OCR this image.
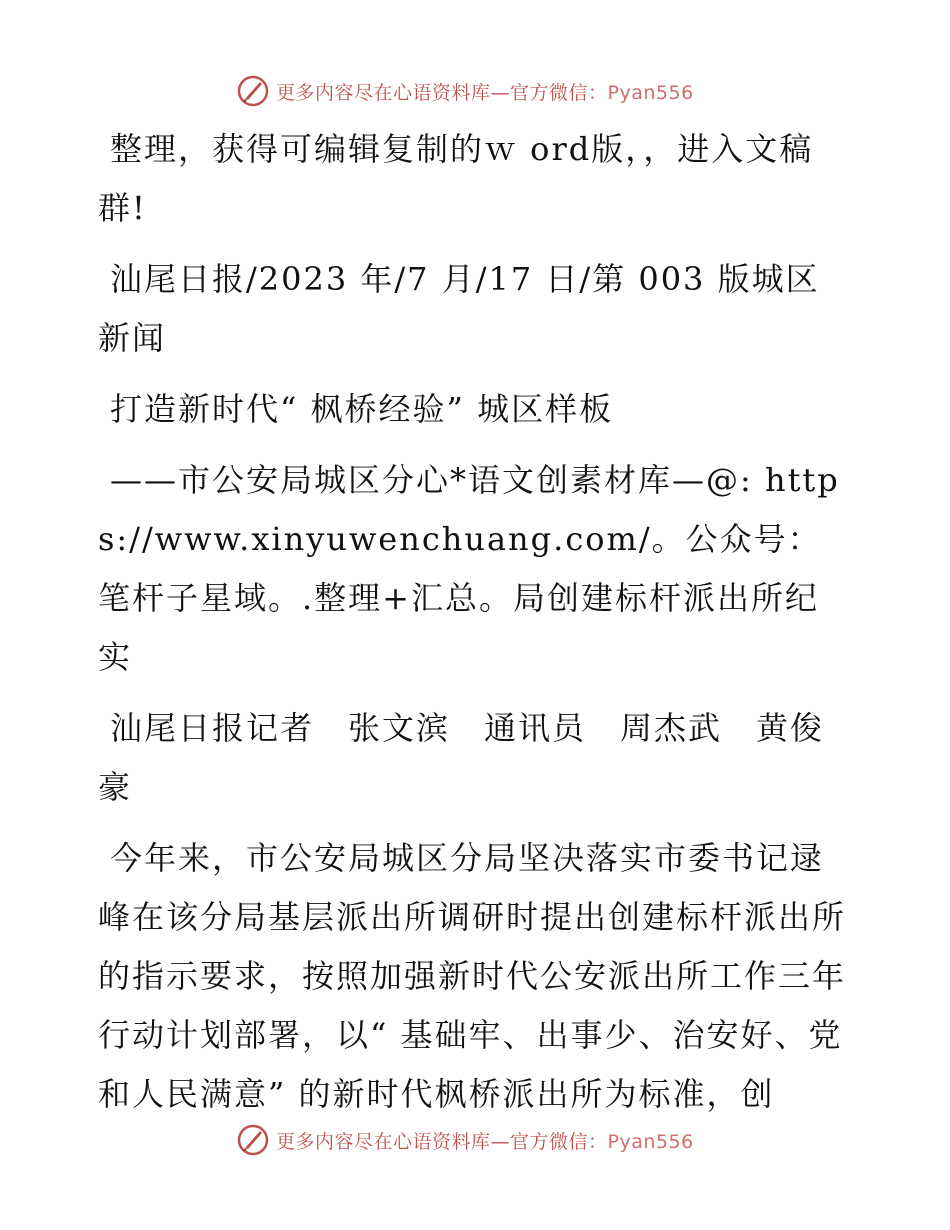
更多内容尽在心语资料库—官方微信：Pyan556

整理，获得可编辑复制的ｗ ord版，，进入文稿群!

汕尾日报/2023 年/7 月/17 日/第 003 版城区新闻

打造新时代“ 枫桥经验” 城区样板

——市公安局城区分心*语文创素材库—@: https://www.xinyuwenchuang.com/。公众号：笔杆子星域。.整理+汇总。局创建标杆派出所纪实

汕尾日报记者　张文滨　通讯员　周杰武　黄俊豪

今年来，市公安局城区分局坚决落实市委书记逯峰在该分局基层派出所调研时提出创建标杆派出所的指示要求，按照加强新时代公安派出所工作三年行动计划部署，以“ 基础牢、出事少、治安好、党和人民满意” 的新时代枫桥派出所为标准，创

更多内容尽在心语资料库—官方微信：Pyan556
